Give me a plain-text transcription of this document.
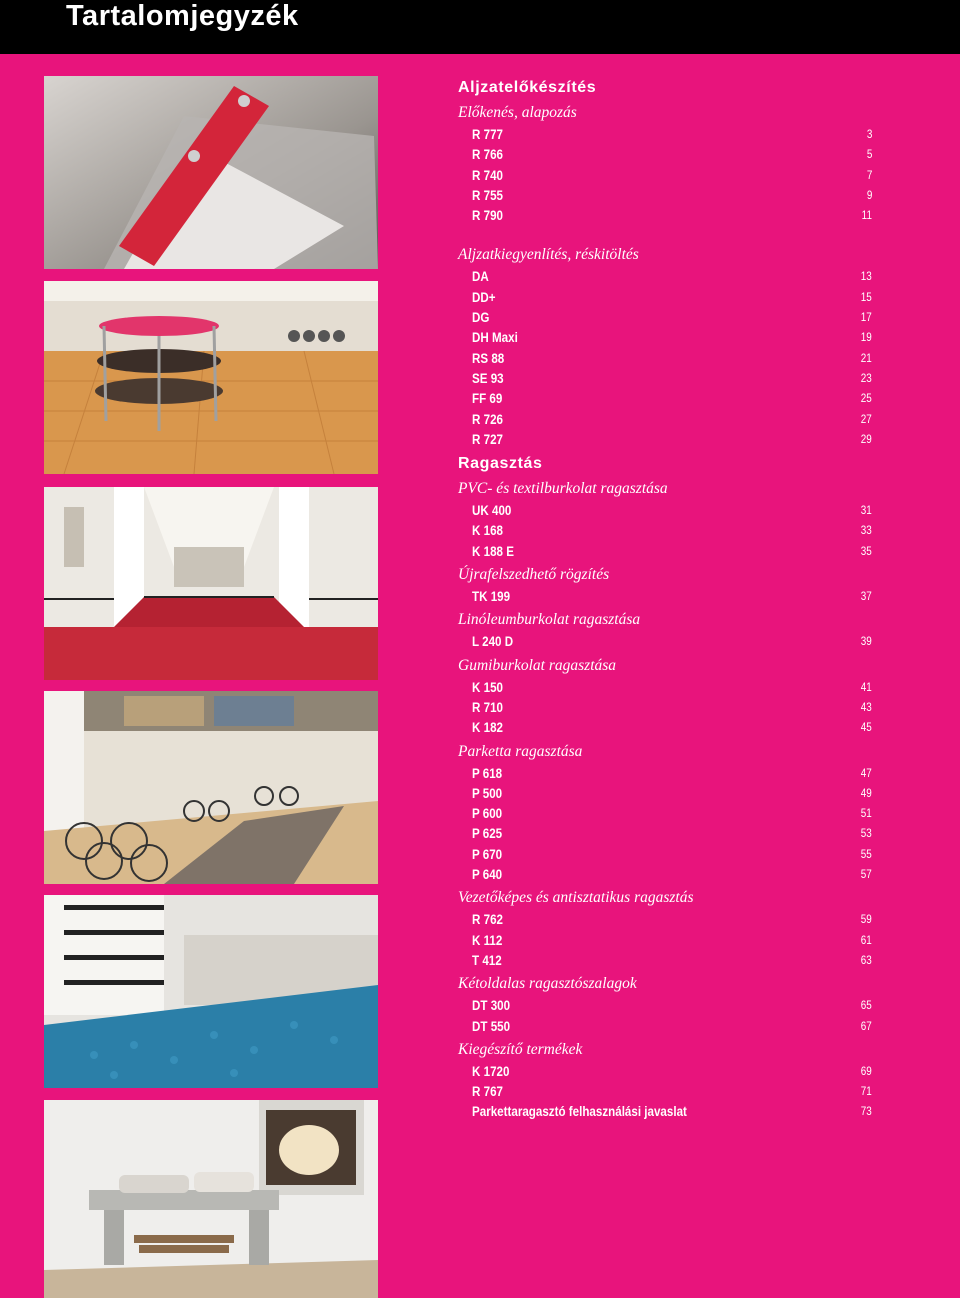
Tartalomjegyzék
Aljzatelőkészítés
Előkenés, alapozás
R 777	3
R 766	5
R 740	7
R 755	9
R 790	11
Aljzatkiegyenlítés, réskitöltés
DA	13
DD+	15
DG	17
DH Maxi	19
RS 88	21
SE 93	23
FF 69	25
R 726	27
R 727	29
Ragasztás
PVC- és textilburkolat ragasztása
UK 400	31
K 168	33
K 188 E	35
Újrafelszedhető rögzítés
TK 199	37
Linóleumburkolat ragasztása
L 240 D	39
Gumiburkolat ragasztása
K 150	41
R 710	43
K 182	45
Parketta ragasztása
P 618	47
P 500	49
P 600	51
P 625	53
P 670	55
P 640	57
Vezetőképes és antisztatikus ragasztás
R 762	59
K 112	61
T 412	63
Kétoldalas ragasztószalagok
DT 300	65
DT 550	67
Kiegészítő termékek
K 1720	69
R 767	71
Parkettaragasztó felhasználási javaslat	73
